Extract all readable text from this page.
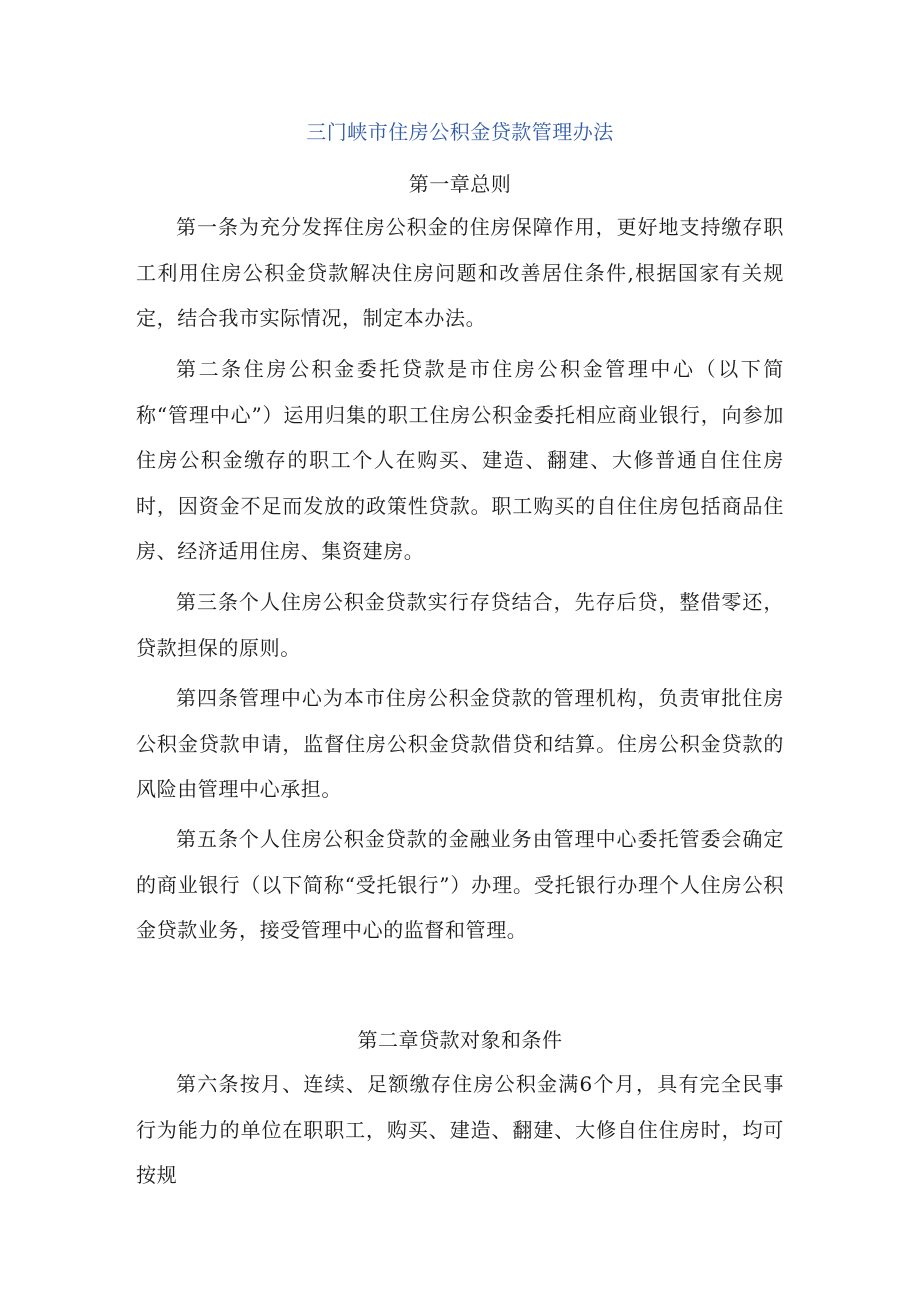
三门峡市住房公积金贷款管理办法
第一章总则

第一条为充分发挥住房公积金的住房保障作用，更好地支持缴存职工利用住房公积金贷款解决住房问题和改善居住条件,根据国家有关规定，结合我市实际情况，制定本办法。

第二条住房公积金委托贷款是市住房公积金管理中心（以下简称“管理中心”）运用归集的职工住房公积金委托相应商业银行，向参加住房公积金缴存的职工个人在购买、建造、翻建、大修普通自住住房时，因资金不足而发放的政策性贷款。职工购买的自住住房包括商品住房、经济适用住房、集资建房。

第三条个人住房公积金贷款实行存贷结合，先存后贷，整借零还，贷款担保的原则。

第四条管理中心为本市住房公积金贷款的管理机构，负责审批住房公积金贷款申请，监督住房公积金贷款借贷和结算。住房公积金贷款的风险由管理中心承担。

第五条个人住房公积金贷款的金融业务由管理中心委托管委会确定的商业银行（以下简称“受托银行”）办理。受托银行办理个人住房公积金贷款业务，接受管理中心的监督和管理。

第二章贷款对象和条件

第六条按月、连续、足额缴存住房公积金满6个月，具有完全民事行为能力的单位在职职工，购买、建造、翻建、大修自住住房时，均可按规
